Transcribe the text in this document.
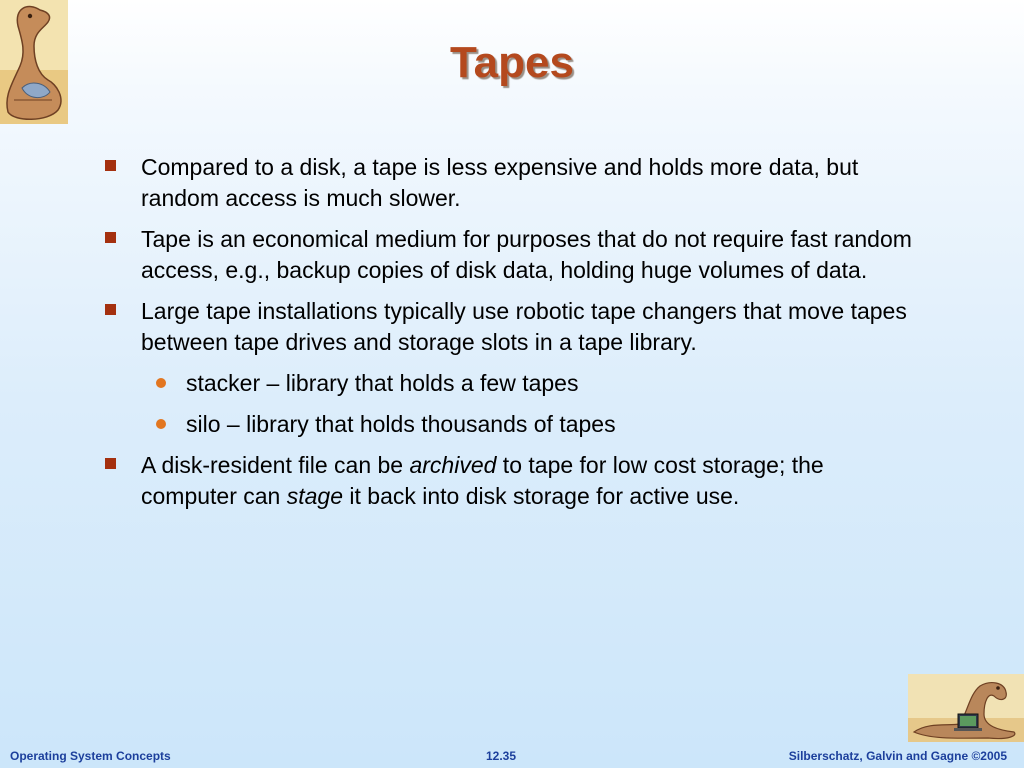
Tapes
Compared to a disk, a tape is less expensive and holds more data, but random access is much slower.
Tape is an economical medium for purposes that do not require fast random access, e.g., backup copies of disk data, holding huge volumes of data.
Large tape installations typically use robotic tape changers that move tapes between tape drives and storage slots in a tape library.
stacker – library that holds a few tapes
silo – library that holds thousands of tapes
A disk-resident file can be archived to tape for low cost storage; the computer can stage it back into disk storage for active use.
Operating System Concepts	12.35	Silberschatz, Galvin and Gagne ©2005
